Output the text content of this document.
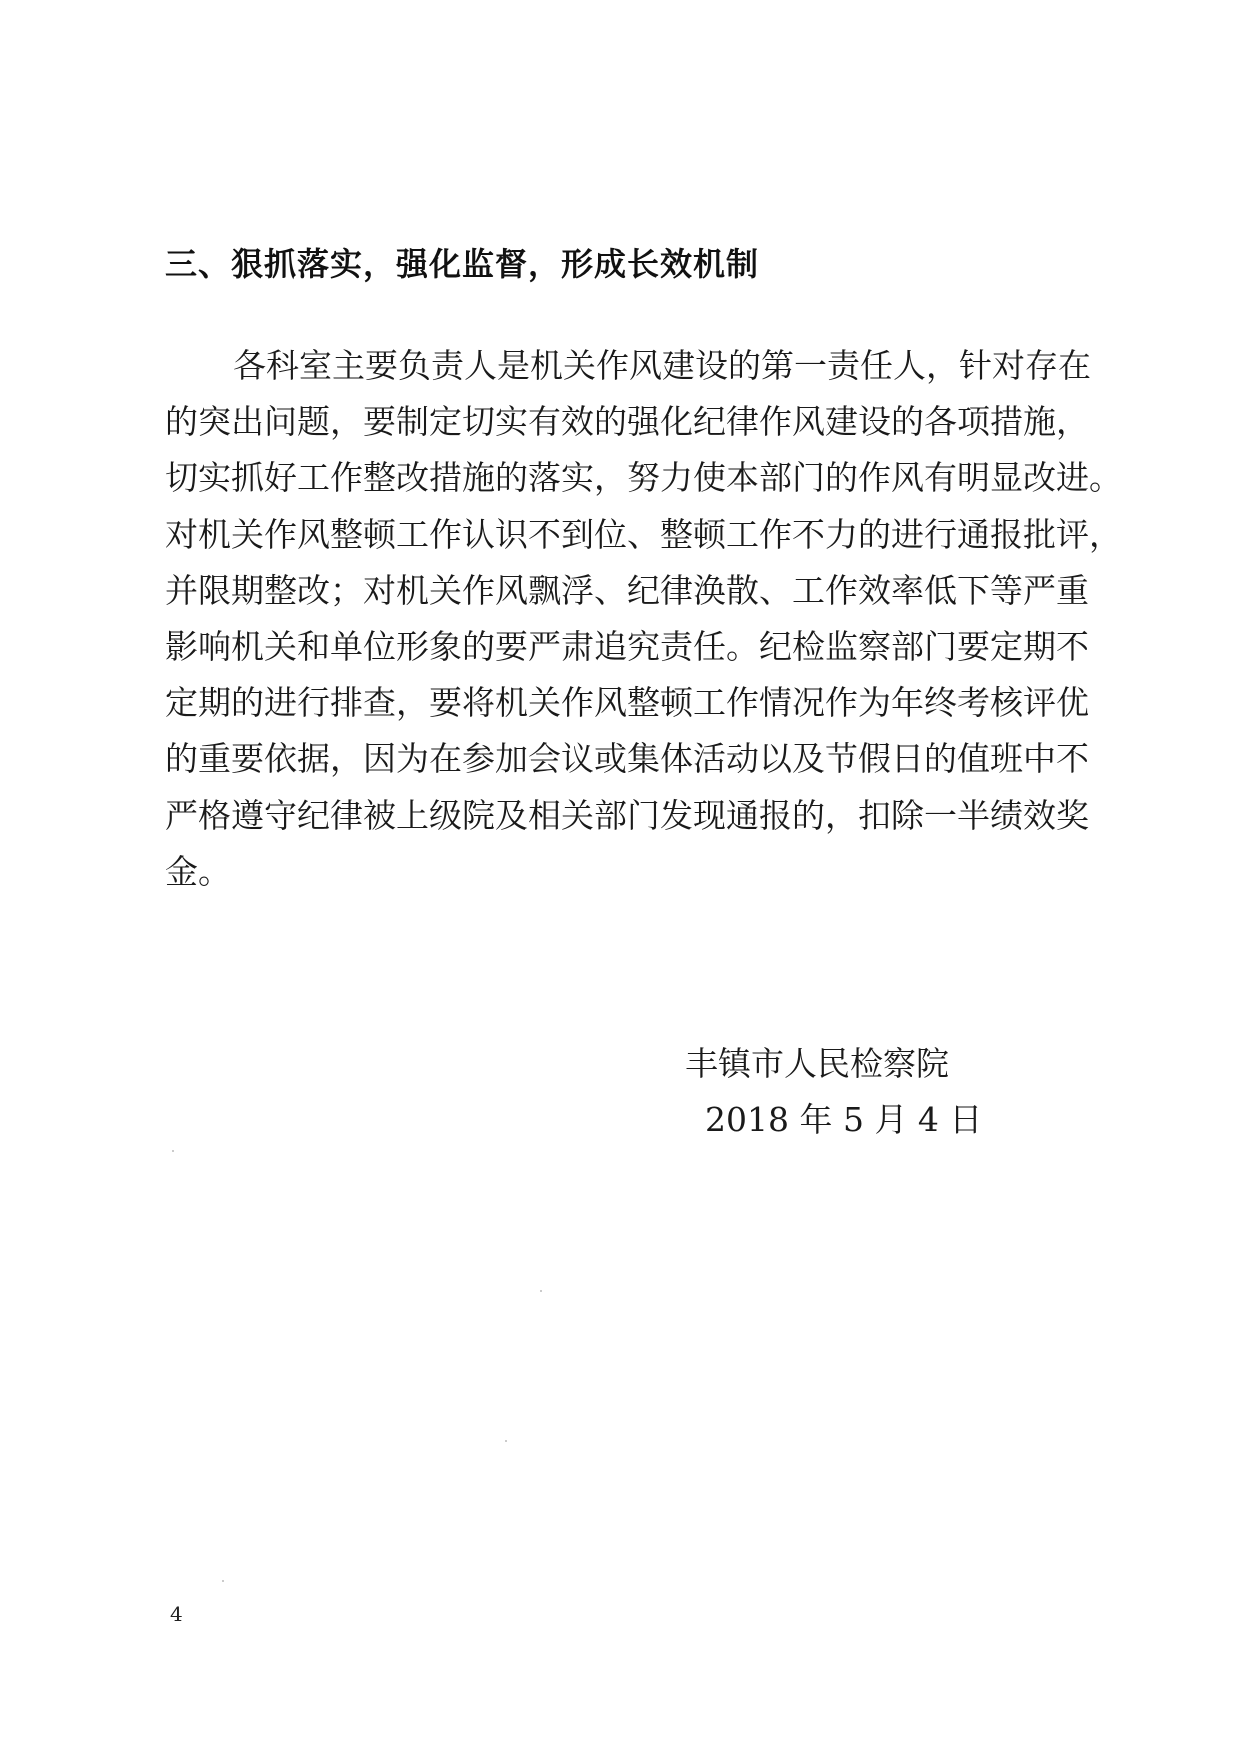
三、狠抓落实，强化监督，形成长效机制
各科室主要负责人是机关作风建设的第一责任人，针对存在
的突出问题，要制定切实有效的强化纪律作风建设的各项措施，
切实抓好工作整改措施的落实，努力使本部门的作风有明显改进。
对机关作风整顿工作认识不到位、整顿工作不力的进行通报批评，
并限期整改；对机关作风飘浮、纪律涣散、工作效率低下等严重
影响机关和单位形象的要严肃追究责任。纪检监察部门要定期不
定期的进行排查，要将机关作风整顿工作情况作为年终考核评优
的重要依据，因为在参加会议或集体活动以及节假日的值班中不
严格遵守纪律被上级院及相关部门发现通报的，扣除一半绩效奖
金。
丰镇市人民检察院
2018 年 5 月 4 日
4
